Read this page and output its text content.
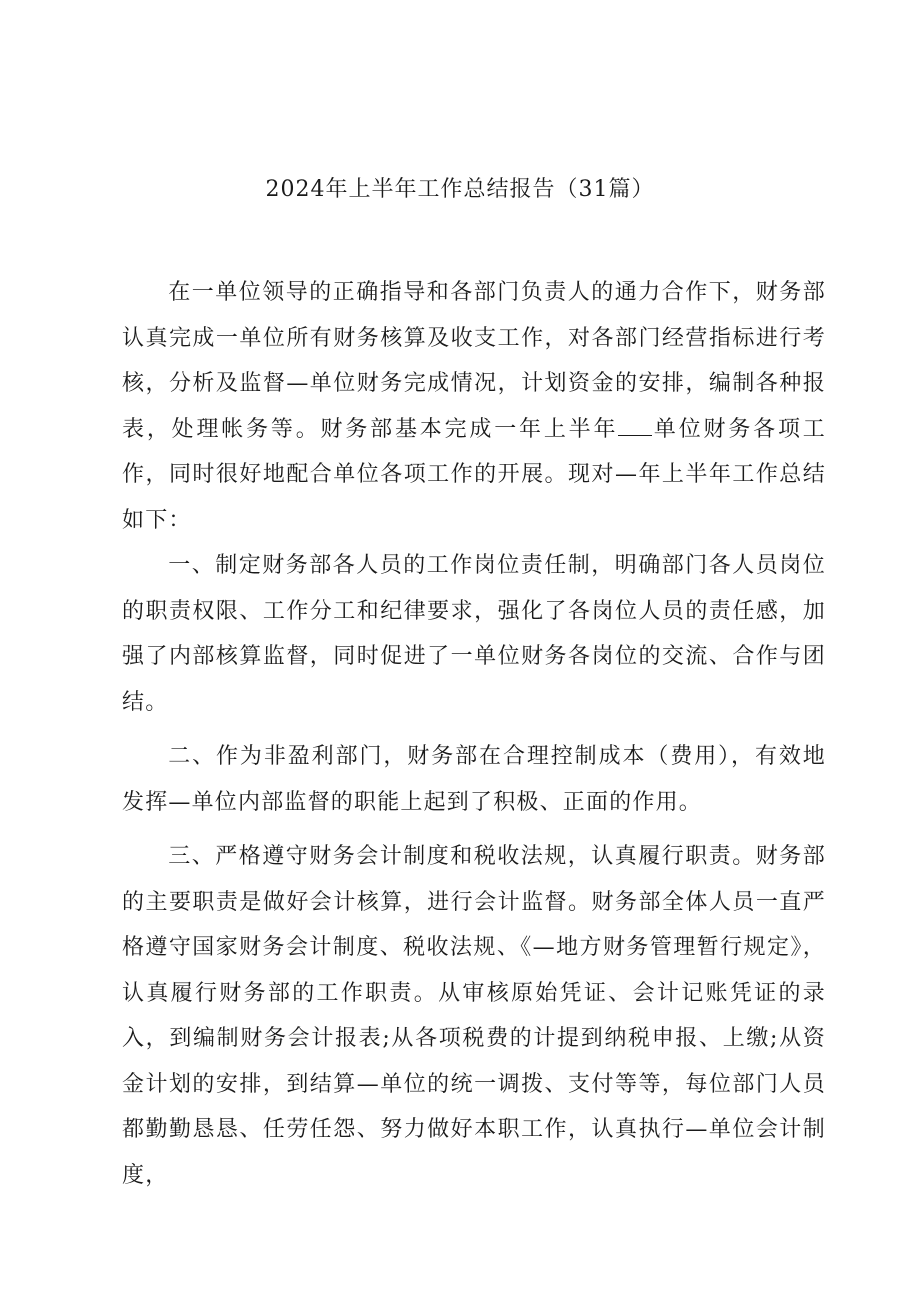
2024年上半年工作总结报告（31篇）

在一单位领导的正确指导和各部门负责人的通力合作下，财务部认真完成一单位所有财务核算及收支工作，对各部门经营指标进行考核，分析及监督—单位财务完成情况，计划资金的安排，编制各种报表，处理帐务等。财务部基本完成一年上半年 单位财务各项工作，同时很好地配合单位各项工作的开展。现对—年上半年工作总结如下：

一、制定财务部各人员的工作岗位责任制，明确部门各人员岗位的职责权限、工作分工和纪律要求，强化了各岗位人员的责任感，加强了内部核算监督，同时促进了一单位财务各岗位的交流、合作与团结。

二、作为非盈利部门，财务部在合理控制成本（费用），有效地发挥—单位内部监督的职能上起到了积极、正面的作用。

三、严格遵守财务会计制度和税收法规，认真履行职责。财务部的主要职责是做好会计核算，进行会计监督。财务部全体人员一直严格遵守国家财务会计制度、税收法规、《—地方财务管理暂行规定》，认真履行财务部的工作职责。从审核原始凭证、会计记账凭证的录入，到编制财务会计报表;从各项税费的计提到纳税申报、上缴;从资金计划的安排，到结算—单位的统一调拨、支付等等，每位部门人员都勤勤恳恳、任劳任怨、努力做好本职工作，认真执行—单位会计制度，
